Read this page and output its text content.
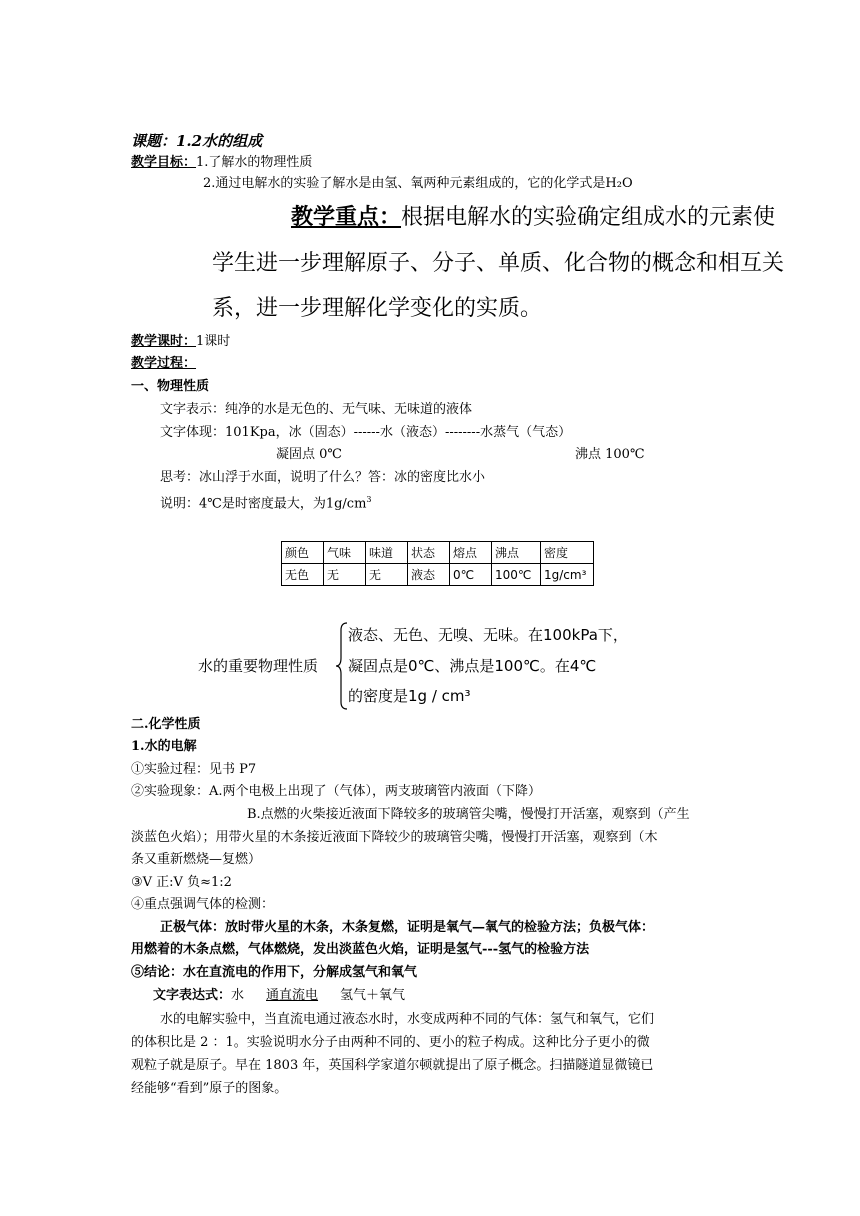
课题：1.2水的组成
教学目标：1.了解水的物理性质
2.通过电解水的实验了解水是由氢、氧两种元素组成的，它的化学式是H₂O
教学重点：根据电解水的实验确定组成水的元素使
学生进一步理解原子、分子、单质、化合物的概念和相互关
系，进一步理解化学变化的实质。
教学课时：1课时
教学过程：
一、物理性质
文字表示：纯净的水是无色的、无气味、无味道的液体
文字体现：101Kpa，冰（固态）------水（液态）--------水蒸气（气态）
凝固点 0℃	沸点 100℃
思考：冰山浮于水面，说明了什么？答：冰的密度比水小
说明：4℃是时密度最大，为$1g/cm^3$
颜色	气味	味道	状态	熔点	沸点	密度
无色	无	无	液态	0℃	100℃	1g/cm³
水的重要物理性质
液态、无色、无嗅、无味。在100kPa下，
凝固点是0℃、沸点是100℃。在4℃
的密度是1g / cm³
二.化学性质
1.水的电解
①实验过程：见书 P7
②实验现象：A.两个电极上出现了（气体），两支玻璃管内液面（下降）
B.点燃的火柴接近液面下降较多的玻璃管尖嘴，慢慢打开活塞，观察到（产生
淡蓝色火焰）；用带火星的木条接近液面下降较少的玻璃管尖嘴，慢慢打开活塞，观察到（木
条又重新燃烧—复燃）
③V 正:V 负≈1:2
④重点强调气体的检测：
正极气体：放时带火星的木条，木条复燃，证明是氧气—氧气的检验方法；负极气体：
用燃着的木条点燃，气体燃烧，发出淡蓝色火焰，证明是氢气---氢气的检验方法
⑤结论：水在直流电的作用下，分解成氢气和氧气
文字表达式：水 通直流电 氢气＋氧气
水的电解实验中，当直流电通过液态水时，水变成两种不同的气体：氢气和氧气，它们
的体积比是 2 ：1。实验说明水分子由两种不同的、更小的粒子构成。这种比分子更小的微
观粒子就是原子。早在 1803 年，英国科学家道尔顿就提出了原子概念。扫描隧道显微镜已
经能够“看到”原子的图象。
